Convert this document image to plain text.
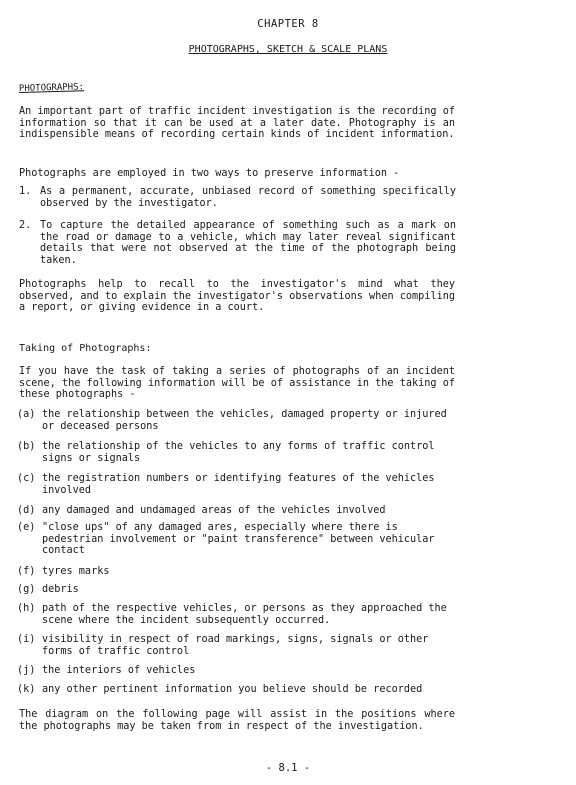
CHAPTER 8
PHOTOGRAPHS, SKETCH & SCALE PLANS
PHOTOGRAPHS:
An important part of traffic incident investigation is the recording of information so that it can be used at a later date. Photography is an indispensible means of recording certain kinds of incident information.
Photographs are employed in two ways to preserve information -
1. As a permanent, accurate, unbiased record of something specifically observed by the investigator.
2. To capture the detailed appearance of something such as a mark on the road or damage to a vehicle, which may later reveal significant details that were not observed at the time of the photograph being taken.
Photographs help to recall to the investigator's mind what they observed, and to explain the investigator's observations when compiling a report, or giving evidence in a court.
Taking of Photographs:
If you have the task of taking a series of photographs of an incident scene, the following information will be of assistance in the taking of these photographs -
(a) the relationship between the vehicles, damaged property or injured or deceased persons
(b) the relationship of the vehicles to any forms of traffic control signs or signals
(c) the registration numbers or identifying features of the vehicles involved
(d) any damaged and undamaged areas of the vehicles involved
(e) "close ups" of any damaged ares, especially where there is pedestrian involvement or "paint transference" between vehicular contact
(f) tyres marks
(g) debris
(h) path of the respective vehicles, or persons as they approached the scene where the incident subsequently occurred.
(i) visibility in respect of road markings, signs, signals or other forms of traffic control
(j) the interiors of vehicles
(k) any other pertinent information you believe should be recorded
The diagram on the following page will assist in the positions where the photographs may be taken from in respect of the investigation.
- 8.1 -
